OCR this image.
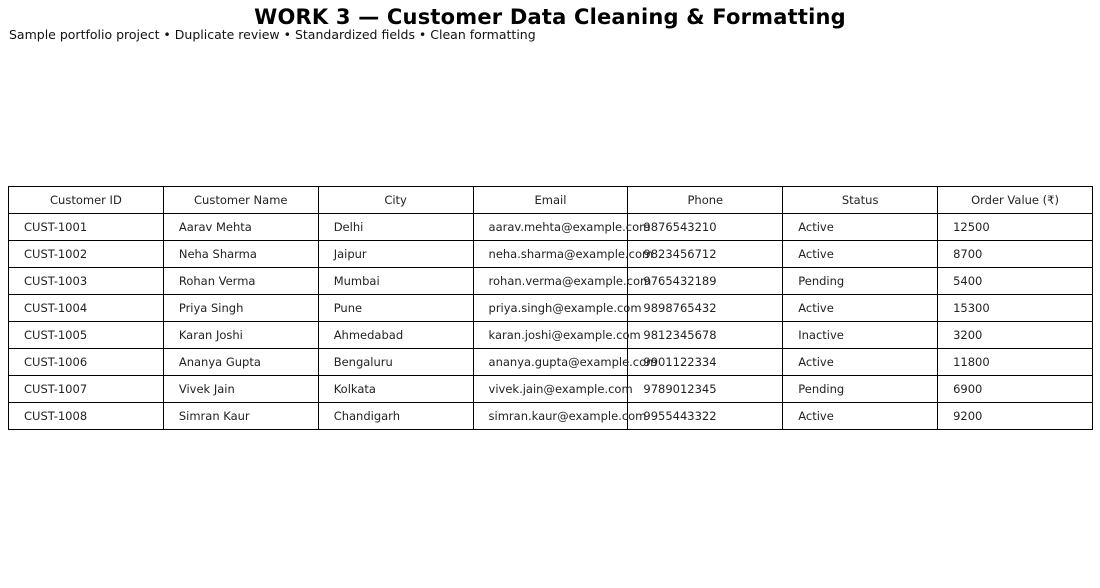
WORK 3 — Customer Data Cleaning & Formatting
Sample portfolio project • Duplicate review • Standardized fields • Clean formatting
Customer ID	Customer Name	City	Email	Phone	Status	Order Value (₹)
CUST-1001	Aarav Mehta	Delhi	aarav.mehta@example.com	9876543210	Active	12500
CUST-1002	Neha Sharma	Jaipur	neha.sharma@example.com	9823456712	Active	8700
CUST-1003	Rohan Verma	Mumbai	rohan.verma@example.com	9765432189	Pending	5400
CUST-1004	Priya Singh	Pune	priya.singh@example.com	9898765432	Active	15300
CUST-1005	Karan Joshi	Ahmedabad	karan.joshi@example.com	9812345678	Inactive	3200
CUST-1006	Ananya Gupta	Bengaluru	ananya.gupta@example.com	9901122334	Active	11800
CUST-1007	Vivek Jain	Kolkata	vivek.jain@example.com	9789012345	Pending	6900
CUST-1008	Simran Kaur	Chandigarh	simran.kaur@example.com	9955443322	Active	9200
